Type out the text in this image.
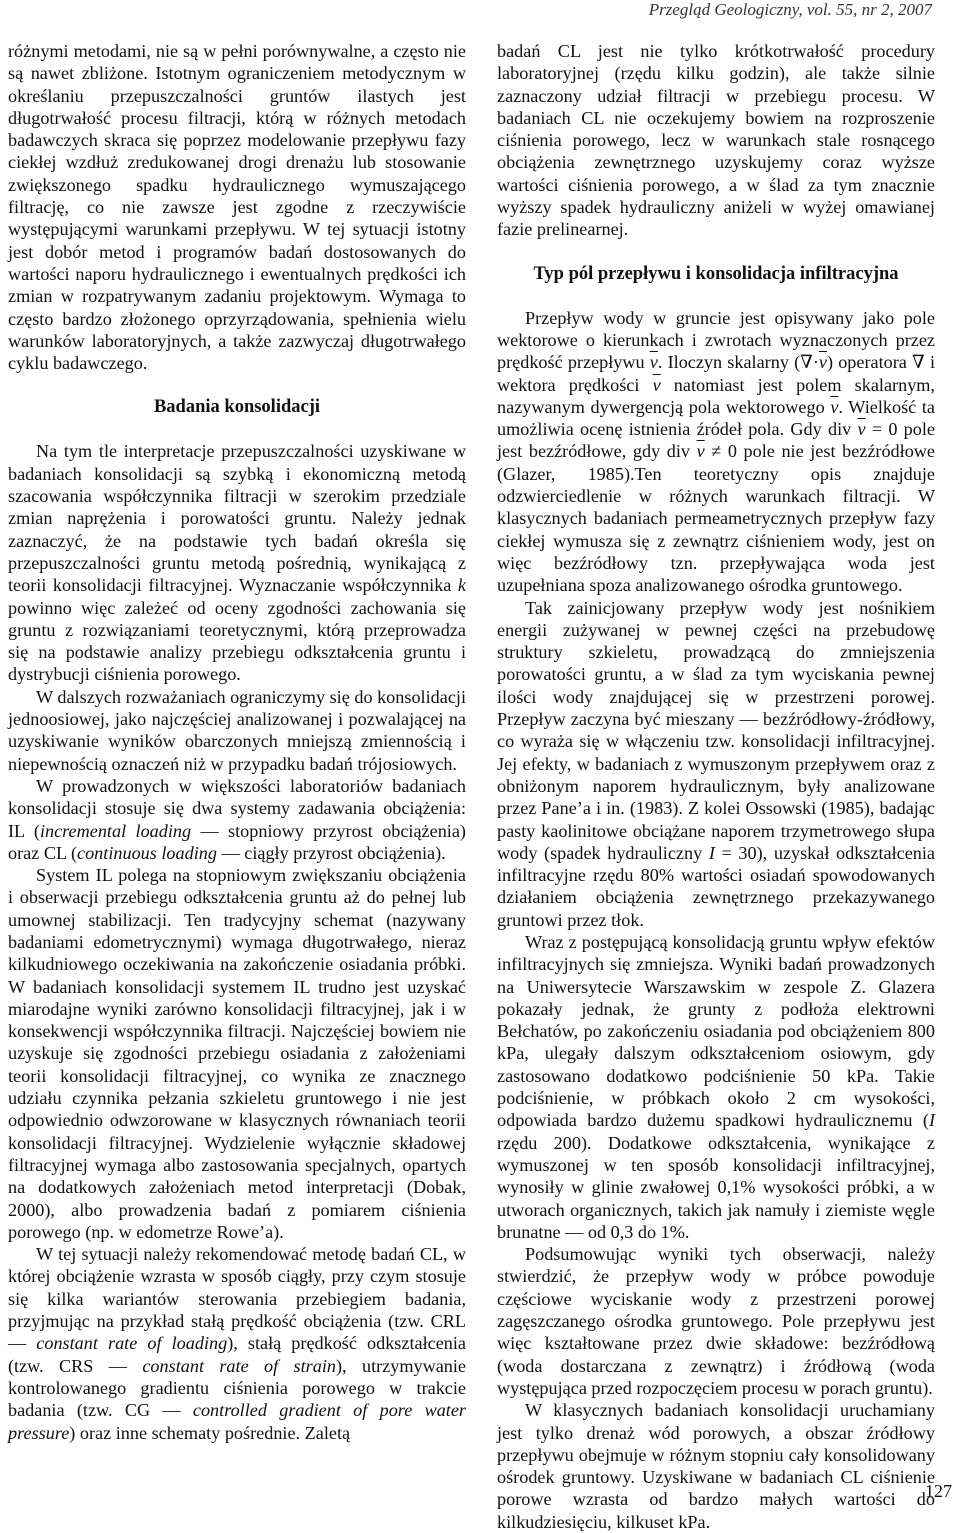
Przegląd Geologiczny, vol. 55, nr 2, 2007

różnymi metodami, nie są w pełni porównywalne, a często nie są nawet zbliżone. Istotnym ograniczeniem metodycznym w określaniu przepuszczalności gruntów ilastych jest długotrwałość procesu filtracji, którą w różnych metodach badawczych skraca się poprzez modelowanie przepływu fazy ciekłej wzdłuż zredukowanej drogi drenażu lub stosowanie zwiększonego spadku hydraulicznego wymuszającego filtrację, co nie zawsze jest zgodne z rzeczywiście występującymi warunkami przepływu. W tej sytuacji istotny jest dobór metod i programów badań dostosowanych do wartości naporu hydraulicznego i ewentualnych prędkości ich zmian w rozpatrywanym zadaniu projektowym. Wymaga to często bardzo złożonego oprzyrządowania, spełnienia wielu warunków laboratoryjnych, a także zazwyczaj długotrwałego cyklu badawczego.

Badania konsolidacji

Na tym tle interpretacje przepuszczalności uzyskiwane w badaniach konsolidacji są szybką i ekonomiczną metodą szacowania współczynnika filtracji w szerokim przedziale zmian naprężenia i porowatości gruntu. Należy jednak zaznaczyć, że na podstawie tych badań określa się przepuszczalności gruntu metodą pośrednią, wynikającą z teorii konsolidacji filtracyjnej. Wyznaczanie współczynnika k powinno więc zależeć od oceny zgodności zachowania się gruntu z rozwiązaniami teoretycznymi, którą przeprowadza się na podstawie analizy przebiegu odkształcenia gruntu i dystrybucji ciśnienia porowego.

W dalszych rozważaniach ograniczymy się do konsolidacji jednoosiowej, jako najczęściej analizowanej i pozwalającej na uzyskiwanie wyników obarczonych mniejszą zmiennością i niepewnością oznaczeń niż w przypadku badań trójosiowych.

W prowadzonych w większości laboratoriów badaniach konsolidacji stosuje się dwa systemy zadawania obciążenia: IL (incremental loading — stopniowy przyrost obciążenia) oraz CL (continuous loading — ciągły przyrost obciążenia).

System IL polega na stopniowym zwiększaniu obciążenia i obserwacji przebiegu odkształcenia gruntu aż do pełnej lub umownej stabilizacji. Ten tradycyjny schemat (nazywany badaniami edometrycznymi) wymaga długotrwałego, nieraz kilkudniowego oczekiwania na zakończenie osiadania próbki. W badaniach konsolidacji systemem IL trudno jest uzyskać miarodajne wyniki zarówno konsolidacji filtracyjnej, jak i w konsekwencji współczynnika filtracji. Najczęściej bowiem nie uzyskuje się zgodności przebiegu osiadania z założeniami teorii konsolidacji filtracyjnej, co wynika ze znacznego udziału czynnika pełzania szkieletu gruntowego i nie jest odpowiednio odwzorowane w klasycznych równaniach teorii konsolidacji filtracyjnej. Wydzielenie wyłącznie składowej filtracyjnej wymaga albo zastosowania specjalnych, opartych na dodatkowych założeniach metod interpretacji (Dobak, 2000), albo prowadzenia badań z pomiarem ciśnienia porowego (np. w edometrze Rowe’a).

W tej sytuacji należy rekomendować metodę badań CL, w której obciążenie wzrasta w sposób ciągły, przy czym stosuje się kilka wariantów sterowania przebiegiem badania, przyjmując na przykład stałą prędkość obciążenia (tzw. CRL — constant rate of loading), stałą prędkość odkształcenia (tzw. CRS — constant rate of strain), utrzymywanie kontrolowanego gradientu ciśnienia porowego w trakcie badania (tzw. CG — controlled gradient of pore water pressure) oraz inne schematy pośrednie. Zaletą

badań CL jest nie tylko krótkotrwałość procedury laboratoryjnej (rzędu kilku godzin), ale także silnie zaznaczony udział filtracji w przebiegu procesu. W badaniach CL nie oczekujemy bowiem na rozproszenie ciśnienia porowego, lecz w warunkach stale rosnącego obciążenia zewnętrznego uzyskujemy coraz wyższe wartości ciśnienia porowego, a w ślad za tym znacznie wyższy spadek hydrauliczny aniżeli w wyżej omawianej fazie prelinearnej.

Typ pól przepływu i konsolidacja infiltracyjna

Przepływ wody w gruncie jest opisywany jako pole wektorowe o kierunkach i zwrotach wyznaczonych przez prędkość przepływu $\overline{v}$. Iloczyn skalarny $(\nabla\cdot\overline{v})$ operatora ∇ i wektora prędkości $\overline{v}$ natomiast jest polem skalarnym, nazywanym dywergencją pola wektorowego $\overline{v}$. Wielkość ta umożliwia ocenę istnienia źródeł pola. Gdy div $\overline{v} = 0$ pole jest bezźródłowe, gdy div $\overline{v} \ne 0$ pole nie jest bezźródłowe (Glazer, 1985).Ten teoretyczny opis znajduje odzwierciedlenie w różnych warunkach filtracji. W klasycznych badaniach permeametrycznych przepływ fazy ciekłej wymusza się z zewnątrz ciśnieniem wody, jest on więc bezźródłowy tzn. przepływająca woda jest uzupełniana spoza analizowanego ośrodka gruntowego.

Tak zainicjowany przepływ wody jest nośnikiem energii zużywanej w pewnej części na przebudowę struktury szkieletu, prowadzącą do zmniejszenia porowatości gruntu, a w ślad za tym wyciskania pewnej ilości wody znajdującej się w przestrzeni porowej. Przepływ zaczyna być mieszany — bezźródłowy-źródłowy, co wyraża się w włączeniu tzw. konsolidacji infiltracyjnej. Jej efekty, w badaniach z wymuszonym przepływem oraz z obniżonym naporem hydraulicznym, były analizowane przez Pane’a i in. (1983). Z kolei Ossowski (1985), badając pasty kaolinitowe obciążane naporem trzymetrowego słupa wody (spadek hydrauliczny I = 30), uzyskał odkształcenia infiltracyjne rzędu 80% wartości osiadań spowodowanych działaniem obciążenia zewnętrznego przekazywanego gruntowi przez tłok.

Wraz z postępującą konsolidacją gruntu wpływ efektów infiltracyjnych się zmniejsza. Wyniki badań prowadzonych na Uniwersytecie Warszawskim w zespole Z. Glazera pokazały jednak, że grunty z podłoża elektrowni Bełchatów, po zakończeniu osiadania pod obciążeniem 800 kPa, ulegały dalszym odkształceniom osiowym, gdy zastosowano dodatkowo podciśnienie 50 kPa. Takie podciśnienie, w próbkach około 2 cm wysokości, odpowiada bardzo dużemu spadkowi hydraulicznemu (I rzędu 200). Dodatkowe odkształcenia, wynikające z wymuszonej w ten sposób konsolidacji infiltracyjnej, wynosiły w glinie zwałowej 0,1% wysokości próbki, a w utworach organicznych, takich jak namuły i ziemiste węgle brunatne — od 0,3 do 1%.

Podsumowując wyniki tych obserwacji, należy stwierdzić, że przepływ wody w próbce powoduje częściowe wyciskanie wody z przestrzeni porowej zagęszczanego ośrodka gruntowego. Pole przepływu jest więc kształtowane przez dwie składowe: bezźródłową (woda dostarczana z zewnątrz) i źródłową (woda występująca przed rozpoczęciem procesu w porach gruntu).

W klasycznych badaniach konsolidacji uruchamiany jest tylko drenaż wód porowych, a obszar źródłowy przepływu obejmuje w różnym stopniu cały konsolidowany ośrodek gruntowy. Uzyskiwane w badaniach CL ciśnienie porowe wzrasta od bardzo małych wartości do kilkudziesięciu, kilkuset kPa.

127
